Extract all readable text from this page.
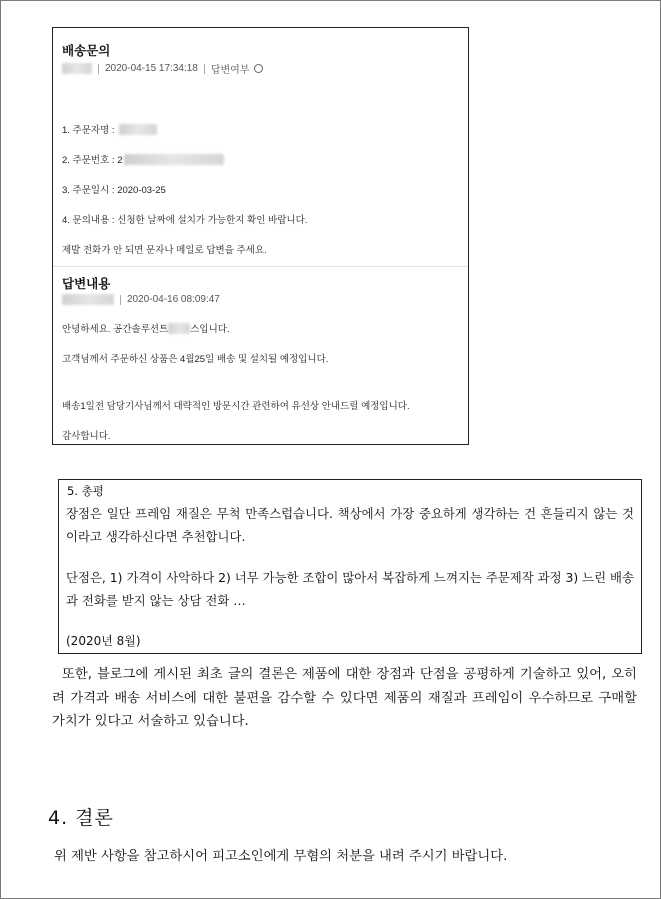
배송문의
2020-04-15 17:34:18 답변여부
1. 주문자명 :
2. 주문번호 : 2
3. 주문일시 : 2020-03-25
4. 문의내용 : 신청한 날짜에 설치가 가능한지 확인 바랍니다.
제발 전화가 안 되면 문자나 메일로 답변을 주세요.
답변내용
2020-04-16 08:09:47
안녕하세요. 공간솔루션 트 스입니다.
고객님께서 주문하신 상품은 4월25일 배송 및 설치될 예정입니다.
배송1일전 담당기사님께서 대략적인 방문시간 관련하여 유선상 안내드릴 예정입니다.
감사합니다.
5. 총평
장점은 일단 프레임 재질은 무척 만족스럽습니다. 책상에서 가장 중요하게 생각하는 건 흔들리지 않는 것이라고 생각하신다면 추천합니다.
단점은, 1) 가격이 사악하다 2) 너무 가능한 조합이 많아서 복잡하게 느껴지는 주문제작 과정 3) 느린 배송과 전화를 받지 않는 상담 전화 …
(2020년 8월)
또한, 블로그에 게시된 최초 글의 결론은 제품에 대한 장점과 단점을 공평하게 기술하고 있어, 오히려 가격과 배송 서비스에 대한 불편을 감수할 수 있다면 제품의 재질과 프레임이 우수하므로 구매할 가치가 있다고 서술하고 있습니다.
4. 결론
위 제반 사항을 참고하시어 피고소인에게 무혐의 처분을 내려 주시기 바랍니다.
